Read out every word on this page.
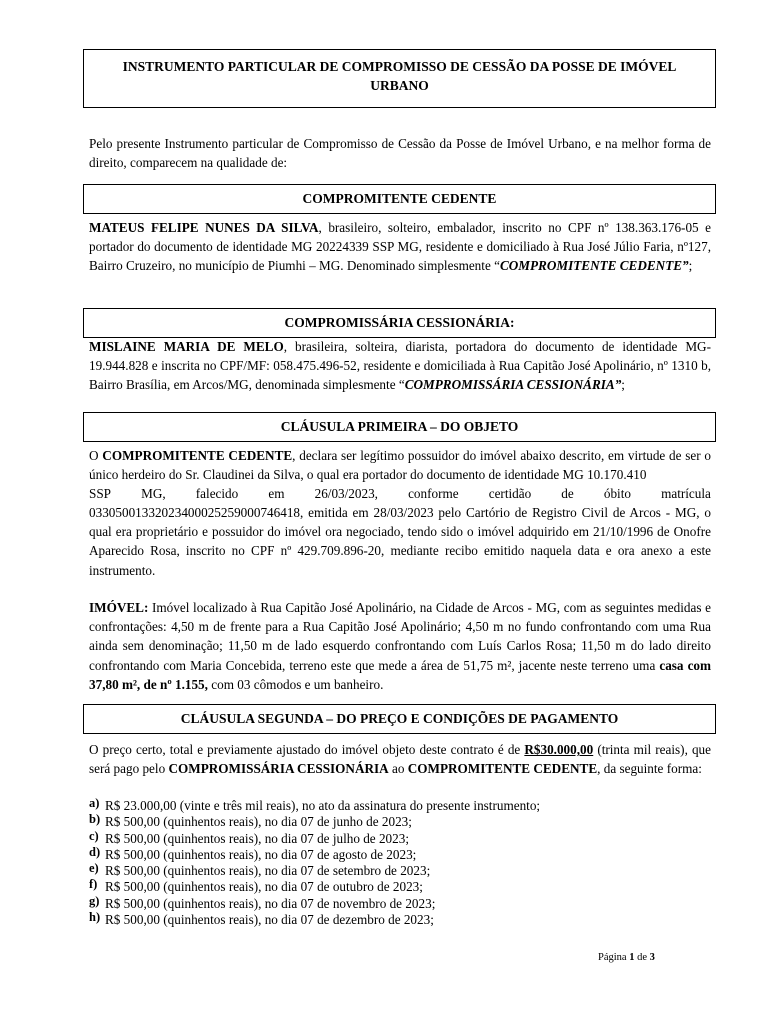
INSTRUMENTO PARTICULAR DE COMPROMISSO DE CESSÃO DA POSSE DE IMÓVEL URBANO

Pelo presente Instrumento particular de Compromisso de Cessão da Posse de Imóvel Urbano, e na melhor forma de direito, comparecem na qualidade de:

COMPROMITENTE CEDENTE

MATEUS FELIPE NUNES DA SILVA, brasileiro, solteiro, embalador, inscrito no CPF nº 138.363.176-05 e portador do documento de identidade MG 20224339 SSP MG, residente e domiciliado à Rua José Júlio Faria, nº127, Bairro Cruzeiro, no município de Piumhi – MG. Denominado simplesmente “COMPROMITENTE CEDENTE”;

COMPROMISSÁRIA CESSIONÁRIA:

MISLAINE MARIA DE MELO, brasileira, solteira, diarista, portadora do documento de identidade MG-19.944.828 e inscrita no CPF/MF: 058.475.496-52, residente e domiciliada à Rua Capitão José Apolinário, nº 1310 b, Bairro Brasília, em Arcos/MG, denominada simplesmente “COMPROMISSÁRIA CESSIONÁRIA”;

CLÁUSULA PRIMEIRA – DO OBJETO

O COMPROMITENTE CEDENTE, declara ser legítimo possuidor do imóvel abaixo descrito, em virtude de ser o único herdeiro do Sr. Claudinei da Silva, o qual era portador do documento de identidade MG 10.170.410

SSP MG, falecido em 26/03/2023, conforme certidão de óbito matrícula

03305001332023400025259000746418, emitida em 28/03/2023 pelo Cartório de Registro Civil de Arcos - MG, o qual era proprietário e possuidor do imóvel ora negociado, tendo sido o imóvel adquirido em 21/10/1996 de Onofre Aparecido Rosa, inscrito no CPF nº 429.709.896-20, mediante recibo emitido naquela data e ora anexo a este instrumento.

IMÓVEL: Imóvel localizado à Rua Capitão José Apolinário, na Cidade de Arcos - MG, com as seguintes medidas e confrontações: 4,50 m de frente para a Rua Capitão José Apolinário; 4,50 m no fundo confrontando com uma Rua ainda sem denominação; 11,50 m de lado esquerdo confrontando com Luís Carlos Rosa; 11,50 m do lado direito confrontando com Maria Concebida, terreno este que mede a área de 51,75 m², jacente neste terreno uma casa com 37,80 m², de nº 1.155, com 03 cômodos e um banheiro.

CLÁUSULA SEGUNDA – DO PREÇO E CONDIÇÕES DE PAGAMENTO

O preço certo, total e previamente ajustado do imóvel objeto deste contrato é de R$30.000,00 (trinta mil reais), que será pago pelo COMPROMISSÁRIA CESSIONÁRIA ao COMPROMITENTE CEDENTE, da seguinte forma:

a) R$ 23.000,00 (vinte e três mil reais), no ato da assinatura do presente instrumento;
b) R$ 500,00 (quinhentos reais), no dia 07 de junho de 2023;
c) R$ 500,00 (quinhentos reais), no dia 07 de julho de 2023;
d) R$ 500,00 (quinhentos reais), no dia 07 de agosto de 2023;
e) R$ 500,00 (quinhentos reais), no dia 07 de setembro de 2023;
f) R$ 500,00 (quinhentos reais), no dia 07 de outubro de 2023;
g) R$ 500,00 (quinhentos reais), no dia 07 de novembro de 2023;
h) R$ 500,00 (quinhentos reais), no dia 07 de dezembro de 2023;
Página 1 de 3
